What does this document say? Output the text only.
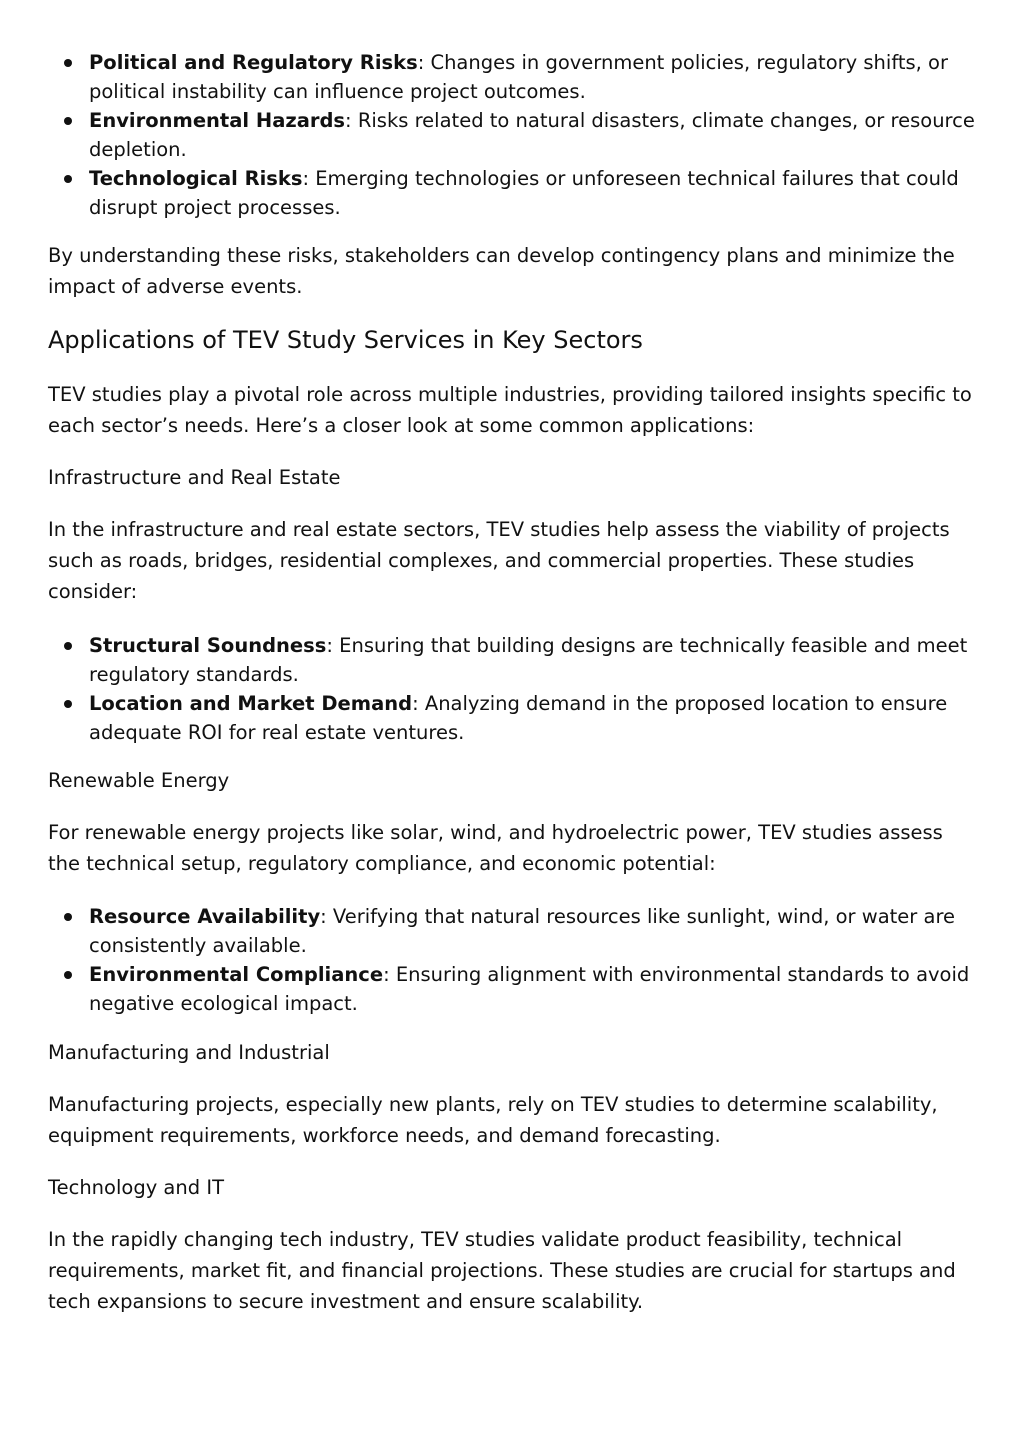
Political and Regulatory Risks: Changes in government policies, regulatory shifts, or political instability can influence project outcomes.
Environmental Hazards: Risks related to natural disasters, climate changes, or resource depletion.
Technological Risks: Emerging technologies or unforeseen technical failures that could disrupt project processes.

By understanding these risks, stakeholders can develop contingency plans and minimize the impact of adverse events.

Applications of TEV Study Services in Key Sectors

TEV studies play a pivotal role across multiple industries, providing tailored insights specific to each sector’s needs. Here’s a closer look at some common applications:

Infrastructure and Real Estate

In the infrastructure and real estate sectors, TEV studies help assess the viability of projects such as roads, bridges, residential complexes, and commercial properties. These studies consider:

Structural Soundness: Ensuring that building designs are technically feasible and meet regulatory standards.
Location and Market Demand: Analyzing demand in the proposed location to ensure adequate ROI for real estate ventures.
Renewable Energy

For renewable energy projects like solar, wind, and hydroelectric power, TEV studies assess the technical setup, regulatory compliance, and economic potential:

Resource Availability: Verifying that natural resources like sunlight, wind, or water are consistently available.
Environmental Compliance: Ensuring alignment with environmental standards to avoid negative ecological impact.
Manufacturing and Industrial

Manufacturing projects, especially new plants, rely on TEV studies to determine scalability, equipment requirements, workforce needs, and demand forecasting.

Technology and IT

In the rapidly changing tech industry, TEV studies validate product feasibility, technical requirements, market fit, and financial projections. These studies are crucial for startups and tech expansions to secure investment and ensure scalability.
